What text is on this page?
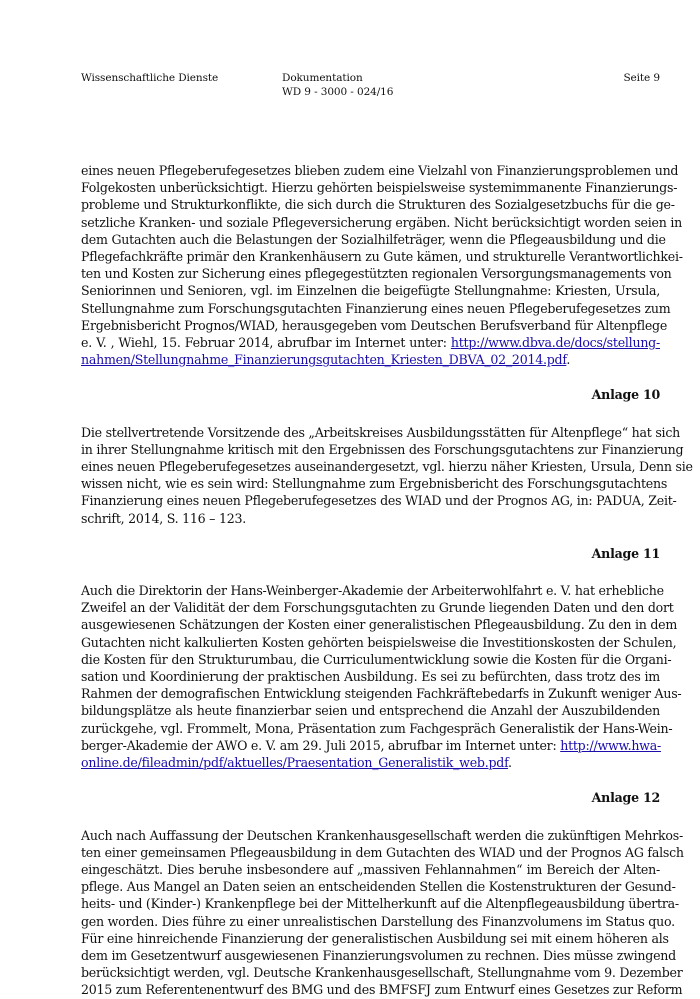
Wissenschaftliche Dienste	Dokumentation
WD 9 - 3000 - 024/16
Seite 9

eines neuen Pflegeberufegesetzes blieben zudem eine Vielzahl von Finanzierungsproblemen und
Folgekosten unberücksichtigt. Hierzu gehörten beispielsweise systemimmanente Finanzierungs-
probleme und Strukturkonflikte, die sich durch die Strukturen des Sozialgesetzbuchs für die ge-
setzliche Kranken- und soziale Pflegeversicherung ergäben. Nicht berücksichtigt worden seien in
dem Gutachten auch die Belastungen der Sozialhilfeträger, wenn die Pflegeausbildung und die
Pflegefachkräfte primär den Krankenhäusern zu Gute kämen, und strukturelle Verantwortlichkei-
ten und Kosten zur Sicherung eines pflegegestützten regionalen Versorgungsmanagements von
Seniorinnen und Senioren, vgl. im Einzelnen die beigefügte Stellungnahme: Kriesten, Ursula,
Stellungnahme zum Forschungsgutachten Finanzierung eines neuen Pflegeberufegesetzes zum
Ergebnisbericht Prognos/WIAD, herausgegeben vom Deutschen Berufsverband für Altenpflege
e. V. , Wiehl, 15. Februar 2014, abrufbar im Internet unter: http://www.dbva.de/docs/stellung-
nahmen/Stellungnahme_Finanzierungsgutachten_Kriesten_DBVA_02_2014.pdf.

Anlage 10

Die stellvertretende Vorsitzende des „Arbeitskreises Ausbildungsstätten für Altenpflege“ hat sich
in ihrer Stellungnahme kritisch mit den Ergebnissen des Forschungsgutachtens zur Finanzierung
eines neuen Pflegeberufegesetzes auseinandergesetzt, vgl. hierzu näher Kriesten, Ursula, Denn sie
wissen nicht, wie es sein wird: Stellungnahme zum Ergebnisbericht des Forschungsgutachtens
Finanzierung eines neuen Pflegeberufegesetzes des WIAD und der Prognos AG, in: PADUA, Zeit-
schrift, 2014, S. 116 – 123.

Anlage 11

Auch die Direktorin der Hans-Weinberger-Akademie der Arbeiterwohlfahrt e. V. hat erhebliche
Zweifel an der Validität der dem Forschungsgutachten zu Grunde liegenden Daten und den dort
ausgewiesenen Schätzungen der Kosten einer generalistischen Pflegeausbildung. Zu den in dem
Gutachten nicht kalkulierten Kosten gehörten beispielsweise die Investitionskosten der Schulen,
die Kosten für den Strukturumbau, die Curriculumentwicklung sowie die Kosten für die Organi-
sation und Koordinierung der praktischen Ausbildung. Es sei zu befürchten, dass trotz des im
Rahmen der demografischen Entwicklung steigenden Fachkräftebedarfs in Zukunft weniger Aus-
bildungsplätze als heute finanzierbar seien und entsprechend die Anzahl der Auszubildenden
zurückgehe, vgl. Frommelt, Mona, Präsentation zum Fachgespräch Generalistik der Hans-Wein-
berger-Akademie der AWO e. V. am 29. Juli 2015, abrufbar im Internet unter: http://www.hwa-
online.de/fileadmin/pdf/aktuelles/Praesentation_Generalistik_web.pdf.

Anlage 12

Auch nach Auffassung der Deutschen Krankenhausgesellschaft werden die zukünftigen Mehrkos-
ten einer gemeinsamen Pflegeausbildung in dem Gutachten des WIAD und der Prognos AG falsch
eingeschätzt. Dies beruhe insbesondere auf „massiven Fehlannahmen“ im Bereich der Alten-
pflege. Aus Mangel an Daten seien an entscheidenden Stellen die Kostenstrukturen der Gesund-
heits- und (Kinder-) Krankenpflege bei der Mittelherkunft auf die Altenpflegeausbildung übertra-
gen worden. Dies führe zu einer unrealistischen Darstellung des Finanzvolumens im Status quo.
Für eine hinreichende Finanzierung der generalistischen Ausbildung sei mit einem höheren als
dem im Gesetzentwurf ausgewiesenen Finanzierungsvolumen zu rechnen. Dies müsse zwingend
berücksichtigt werden, vgl. Deutsche Krankenhausgesellschaft, Stellungnahme vom 9. Dezember
2015 zum Referentenentwurf des BMG und des BMFSFJ zum Entwurf eines Gesetzes zur Reform
